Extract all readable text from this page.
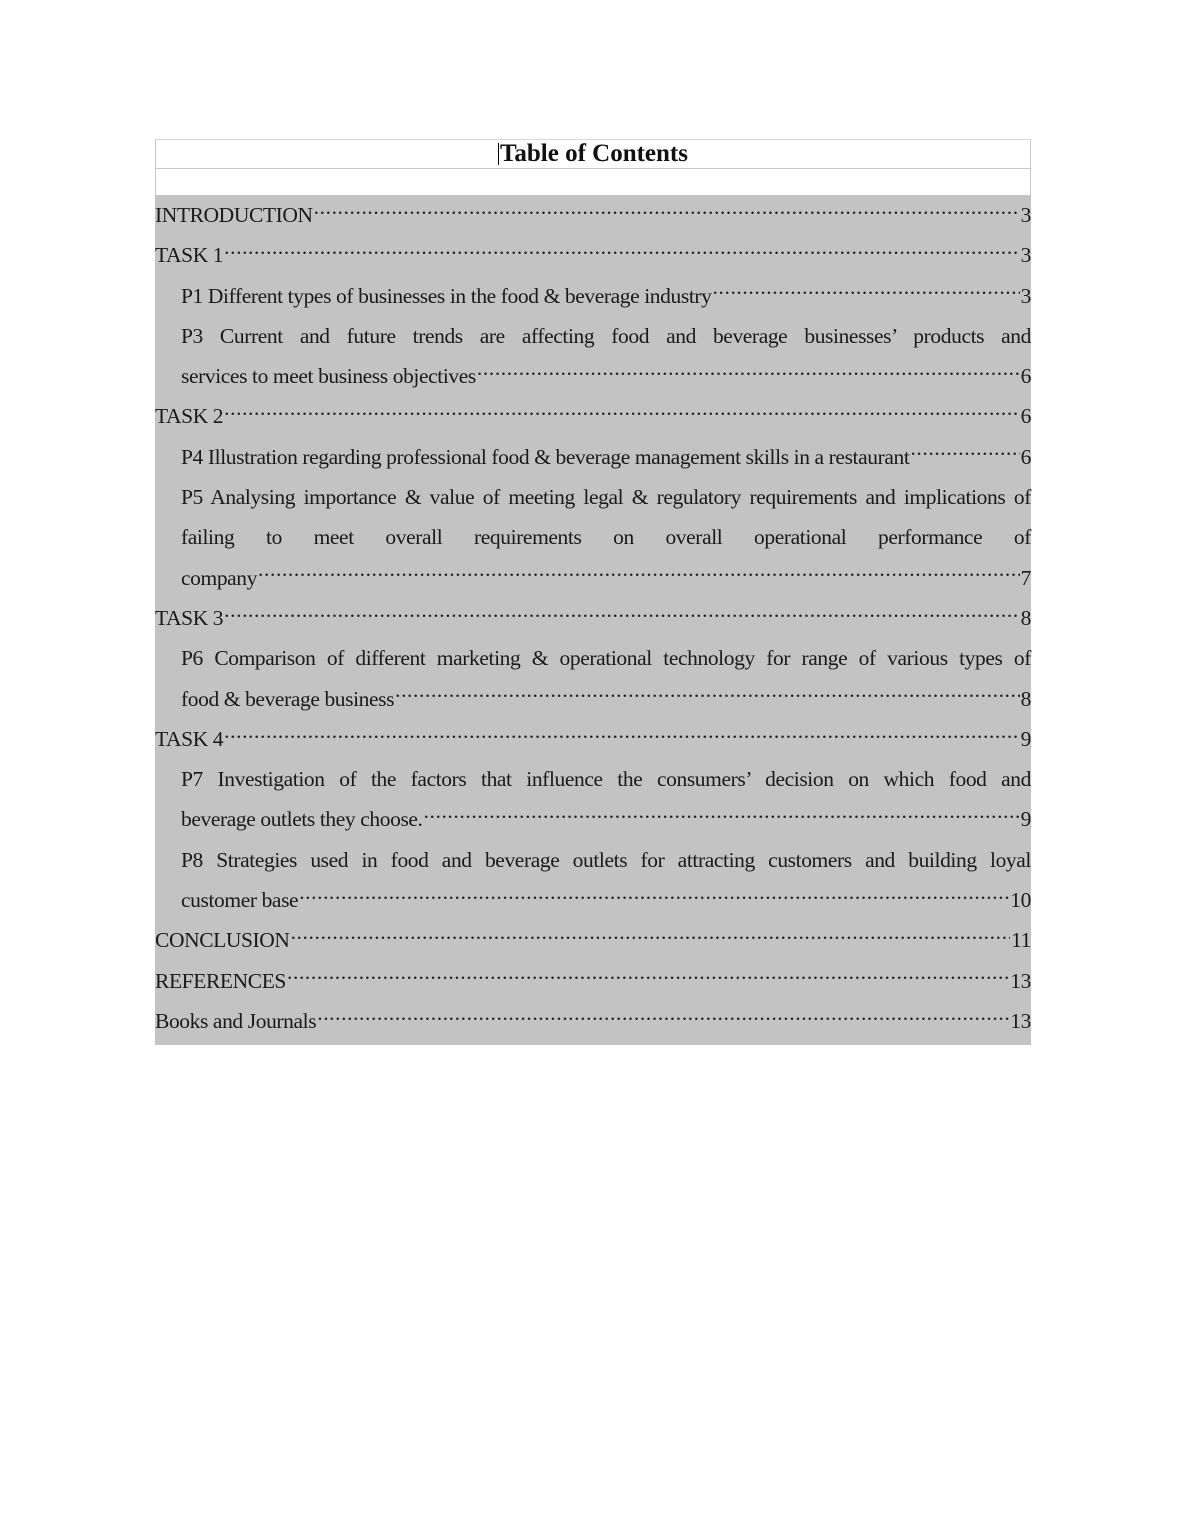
Table of Contents
INTRODUCTION .....	3
TASK 1 .....	3
P1 Different types of businesses in the food & beverage industry .....	3
P3 Current and future trends are affecting food and beverage businesses’ products and
services to meet business objectives .....	6
TASK 2 .....	6
P4 Illustration regarding professional food & beverage management skills in a restaurant .....	6
P5 Analysing importance & value of meeting legal & regulatory requirements and implications of failing to meet overall requirements on overall operational performance of
company .....	7
TASK 3 .....	8
P6 Comparison of different marketing & operational technology for range of various types of
food & beverage business .....	8
TASK 4 .....	9
P7 Investigation of the factors that influence the consumers’ decision on which food and
beverage outlets they choose. .....	9
P8 Strategies used in food and beverage outlets for attracting customers and building loyal
customer base .....	10
CONCLUSION .....	11
REFERENCES .....	13
Books and Journals .....	13
